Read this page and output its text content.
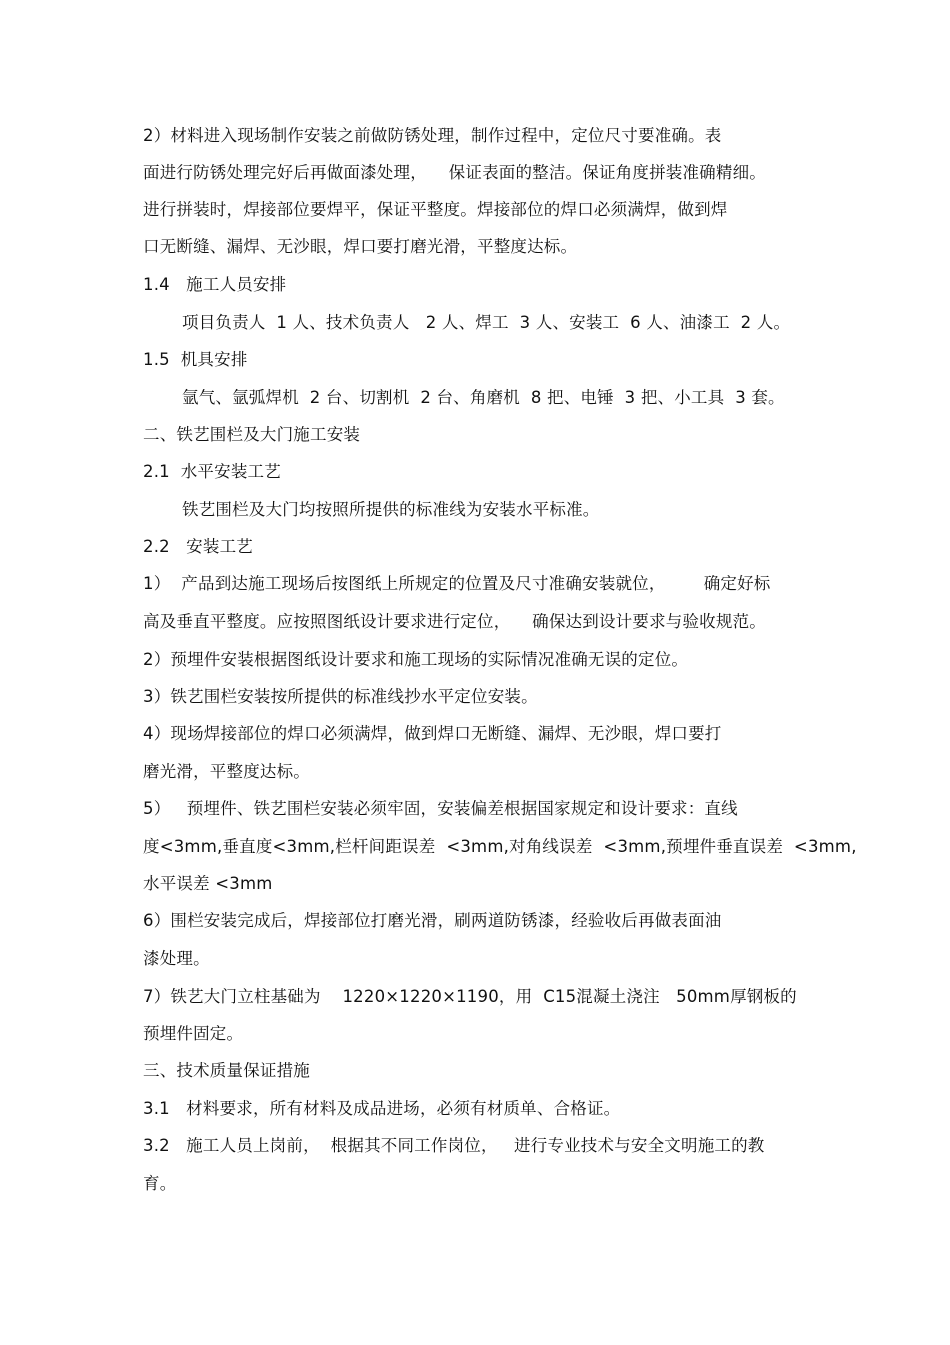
2）材料进入现场制作安装之前做防锈处理，制作过程中，定位尺寸要准确。表
面进行防锈处理完好后再做面漆处理，    保证表面的整洁。保证角度拼装准确精细。
进行拼装时，焊接部位要焊平，保证平整度。焊接部位的焊口必须满焊，做到焊
口无断缝、漏焊、无沙眼，焊口要打磨光滑，平整度达标。
1.4   施工人员安排
项目负责人  1 人、技术负责人   2 人、焊工  3 人、安装工  6 人、油漆工  2 人。
1.5  机具安排
氩气、氩弧焊机  2 台、切割机  2 台、角磨机  8 把、电锤  3 把、小工具  3 套。
二、铁艺围栏及大门施工安装
2.1  水平安装工艺
铁艺围栏及大门均按照所提供的标准线为安装水平标准。
2.2   安装工艺
1）  产品到达施工现场后按图纸上所规定的位置及尺寸准确安装就位，       确定好标
高及垂直平整度。应按照图纸设计要求进行定位，    确保达到设计要求与验收规范。
2）预埋件安装根据图纸设计要求和施工现场的实际情况准确无误的定位。
3）铁艺围栏安装按所提供的标准线抄水平定位安装。
4）现场焊接部位的焊口必须满焊，做到焊口无断缝、漏焊、无沙眼，焊口要打
磨光滑，平整度达标。
5）   预埋件、铁艺围栏安装必须牢固，安装偏差根据国家规定和设计要求：直线
度<3mm,垂直度<3mm,栏杆间距误差  <3mm,对角线误差  <3mm,预埋件垂直误差  <3mm,
水平误差 <3mm
6）围栏安装完成后，焊接部位打磨光滑，刷两道防锈漆，经验收后再做表面油
漆处理。
7）铁艺大门立柱基础为    1220×1220×1190，用  C15混凝土浇注   50mm厚钢板的
预埋件固定。
三、技术质量保证措施
3.1   材料要求，所有材料及成品进场，必须有材质单、合格证。
3.2   施工人员上岗前，  根据其不同工作岗位，   进行专业技术与安全文明施工的教
育。
